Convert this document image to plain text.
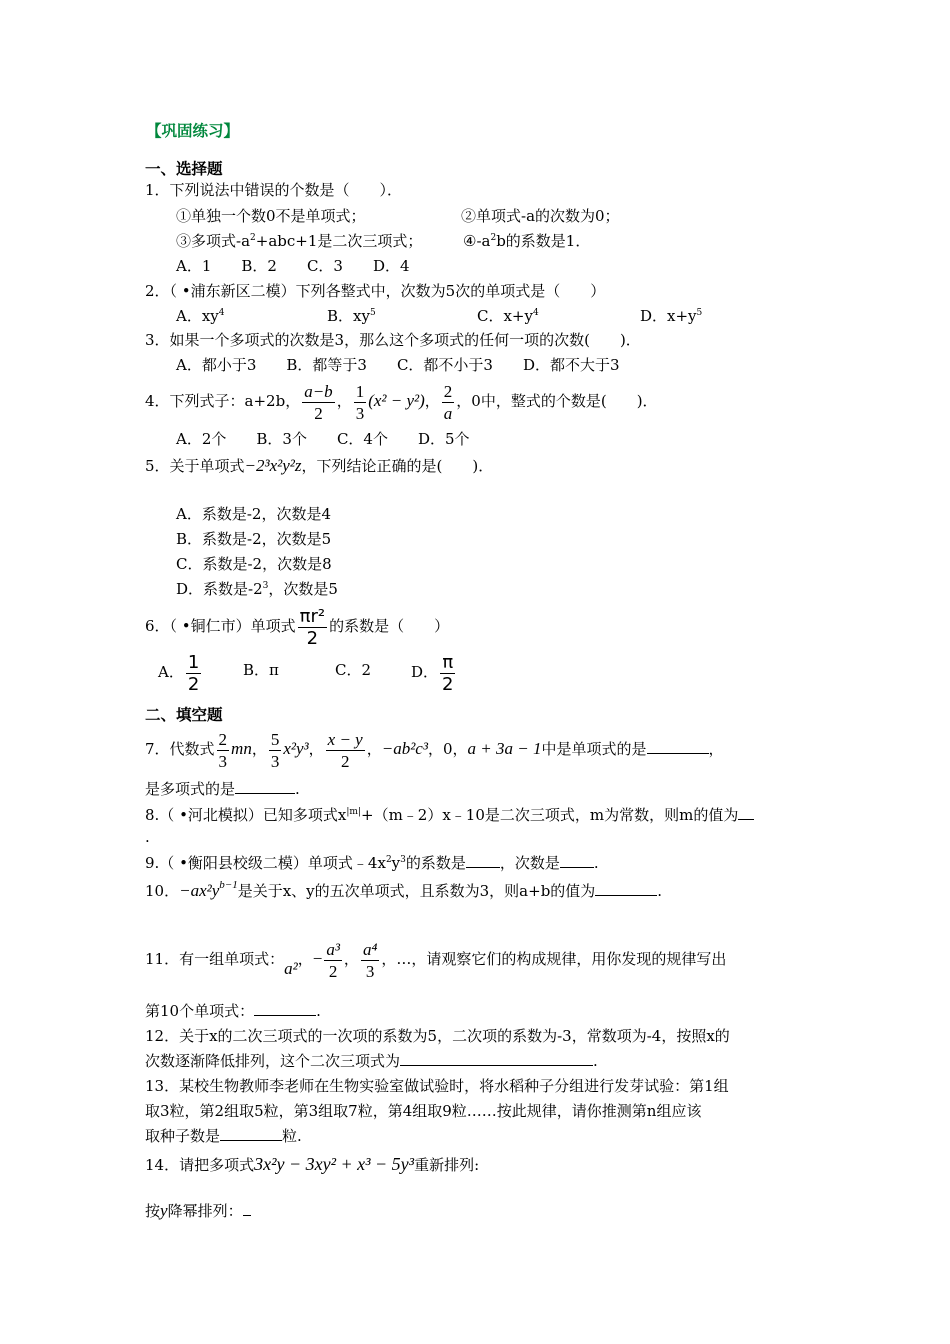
【巩固练习】
一、选择题
1．下列说法中错误的个数是（　　）．
①单独一个数0不是单项式；	②单项式-a的次数为0；
③多项式$-a^2+abc+1$是二次三项式；	$④-a^2b$的系数是1．
A．1　　B．2　　C．3　　D．4
2．（ •浦东新区二模）下列各整式中，次数为5次的单项式是（　　）
A．$xy^4$	B．$xy^5$	C．$x+y^4$	D．$x+y^5$
3．如果一个多项式的次数是3，那么这个多项式的任何一项的次数(　　)．
A．都小于3　　B．都等于3　　C．都不小于3　　D．都不大于3
4．下列式子：a+2b， $\frac{a-b}{2}$ ， $\frac{1}{3} (x^2 - y^2)$， $\frac{2}{a}$ ，0中，整式的个数是(　　)．
A．2个　　B．3个　　C．4个　　D．5个
5．关于单项式−2³x²y²z，下列结论正确的是(　　)．
A．系数是-2，次数是4
B．系数是-2，次数是5
C．系数是-2，次数是8
D．系数是$-2^3$，次数是5
6．（ •铜仁市）单项式 $\frac{\text{πr²}}{2}$ 的系数是（　　）
A． $\frac{1}{2}$	B．π	C．2	D． $\frac{\pi}{2}$
二、填空题
7．代数式 $\frac{2}{3}$ mn， $\frac{5}{3} x^2y^3$， $\frac{x - y}{2}$ ，−ab²c³，0，a + 3a − 1中是单项式的是	，
是多项式的是	.
8.（ •河北模拟）已知多项式$x^{|m|}+(m﹣2)x﹣10$是二次三项式，m为常数，则m的值为
.
9.（ •衡阳县校级二模）单项式$﹣4x^2y^3$的系数是 ，次数是 .
10．$-ax^2y^{b-1}$是关于x、y的五次单项式，且系数为3，则a+b的值为	.
11．有一组单项式：a²，− $\frac{\text{a³}}{2}$ ， $\frac{\text{a⁴}}{3}$ ，…，请观察它们的构成规律，用你发现的规律写出
第10个单项式：	.
12．关于x的二次三项式的一次项的系数为5，二次项的系数为-3，常数项为-4，按照x的
次数逐渐降低排列，这个二次三项式为	.
13．某校生物教师李老师在生物实验室做试验时，将水稻种子分组进行发芽试验：第1组
取3粒，第2组取5粒，第3组取7粒，第4组取9粒……按此规律，请你推测第n组应该
取种子数是	粒.
14．请把多项式3x²y − 3xy² + x³ − 5y³重新排列:
按y降幂排列：
